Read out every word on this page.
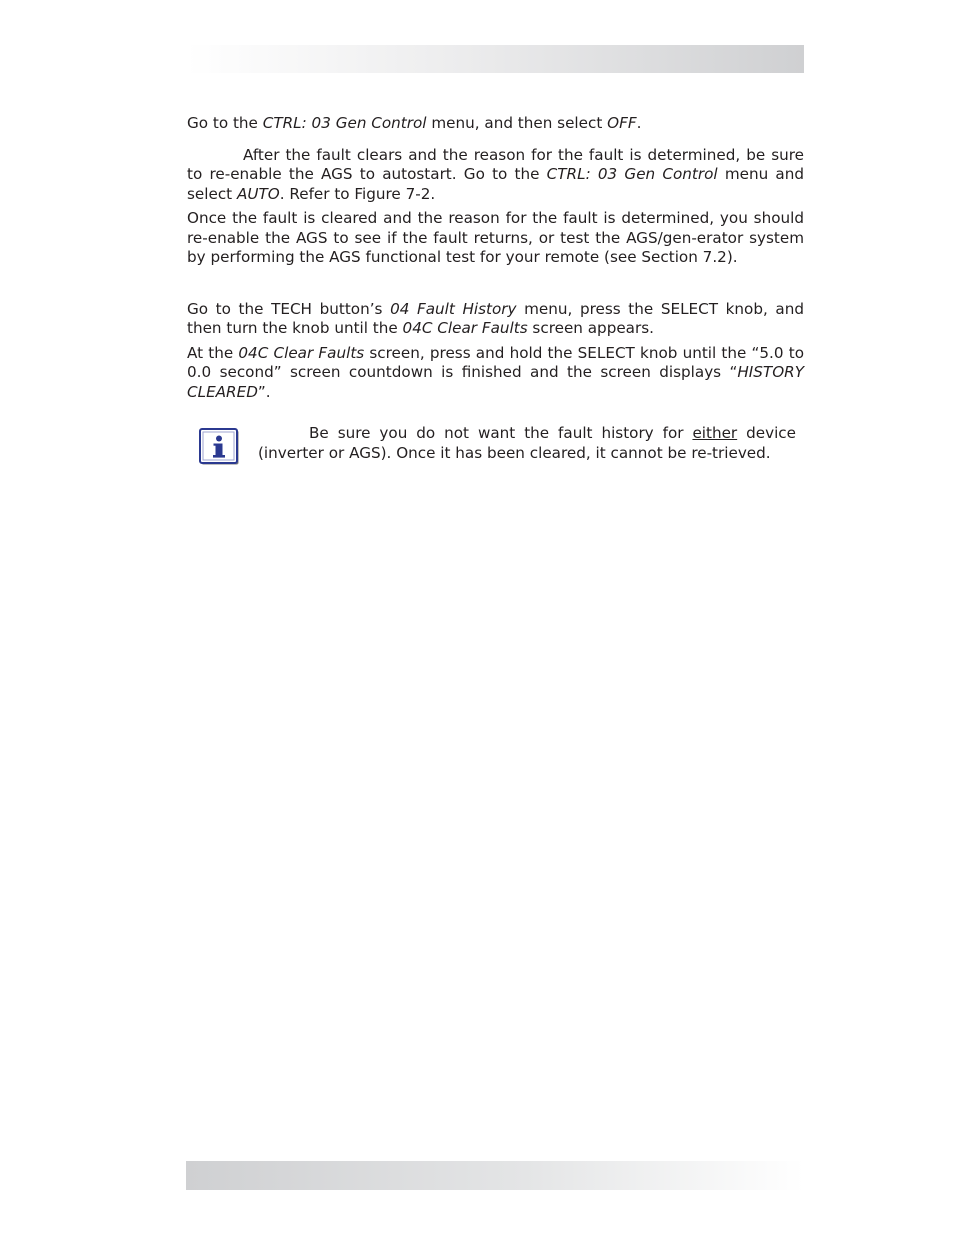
Go to the CTRL: 03 Gen Control menu, and then select OFF.

After the fault clears and the reason for the fault is determined, be sure to re-enable the AGS to autostart. Go to the CTRL: 03 Gen Control menu and select AUTO. Refer to Figure 7-2.

Once the fault is cleared and the reason for the fault is determined, you should re-enable the AGS to see if the fault returns, or test the AGS/gen-erator system by performing the AGS functional test for your remote (see Section 7.2).

Go to the TECH button’s 04 Fault History menu, press the SELECT knob, and then turn the knob until the 04C Clear Faults screen appears.

At the 04C Clear Faults screen, press and hold the SELECT knob until the “5.0 to 0.0 second” screen countdown is finished and the screen displays “HISTORY CLEARED”.

Be sure you do not want the fault history for either device (inverter or AGS). Once it has been cleared, it cannot be re-trieved.
